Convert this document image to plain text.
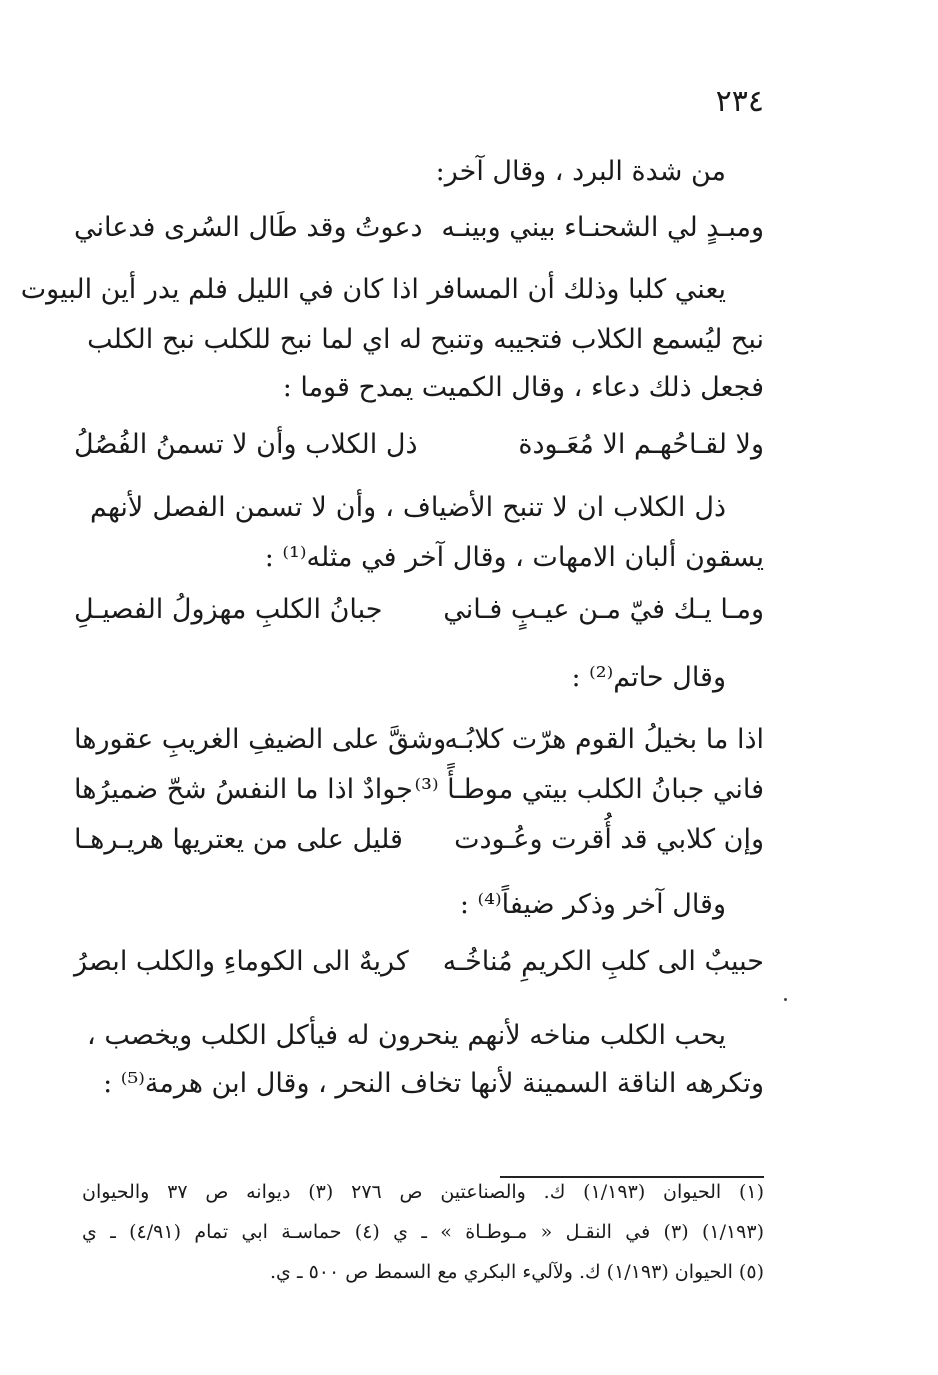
٢٣٤
من شدة البرد ، وقال آخر:
ومبـدٍ لي الشحنـاء بيني وبينـه
دعوتُ وقد طَال السُرى فدعاني
يعني كلبا وذلك أن المسافر اذا كان في الليل فلم يدر أين البيوت
نبح ليُسمع الكلاب فتجيبه وتنبح له اي لما نبح للكلب نبح الكلب
فجعل ذلك دعاء ، وقال الكميت يمدح قوما :
ولا لقـاحُهـم الا مُعَـودة
ذل الكلاب وأن لا تسمنُ الفُصُلُ
ذل الكلاب ان لا تنبح الأضياف ، وأن لا تسمن الفصل لأنهم
يسقون ألبان الامهات ، وقال آخر في مثله⁽¹⁾ :
ومـا يـك فيّ مـن عيـبٍ فـاني
جبانُ الكلبِ مهزولُ الفصيـلِ
وقال حاتم⁽²⁾ :
اذا ما بخيلُ القوم هرّت كلابُـه
وشقَّ على الضيفِ الغريبِ عقورها
فاني جبانُ الكلب بيتي موطـأً ⁽³⁾
جوادٌ اذا ما النفسُ شحّ ضميرُها
وإن كلابي قد أُقرت وعُـودت
قليل على من يعتريها هريـرهـا
وقال آخر وذكر ضيفاً⁽⁴⁾ :
حبيبٌ الى كلبِ الكريمِ مُناخُـه
كريهٌ الى الكوماءِ والكلب ابصرُ
يحب الكلب مناخه لأنهم ينحرون له فيأكل الكلب ويخصب ،
وتكرهه الناقة السمينة لأنها تخاف النحر ، وقال ابن هرمة⁽⁵⁾ :
(١) الحيوان (١/١٩٣) ك. والصناعتين ص ٢٧٦ (٣) ديوانه ص ٣٧ والحيوان
(١/١٩٣) (٣) في النقـل « مـوطـاة » ـ ي (٤) حماسـة ابي تمام (٤/٩١) ـ ي
(٥) الحيوان (١/١٩٣) ك. ولآليء البكري مع السمط ص ٥٠٠ ـ ي.
